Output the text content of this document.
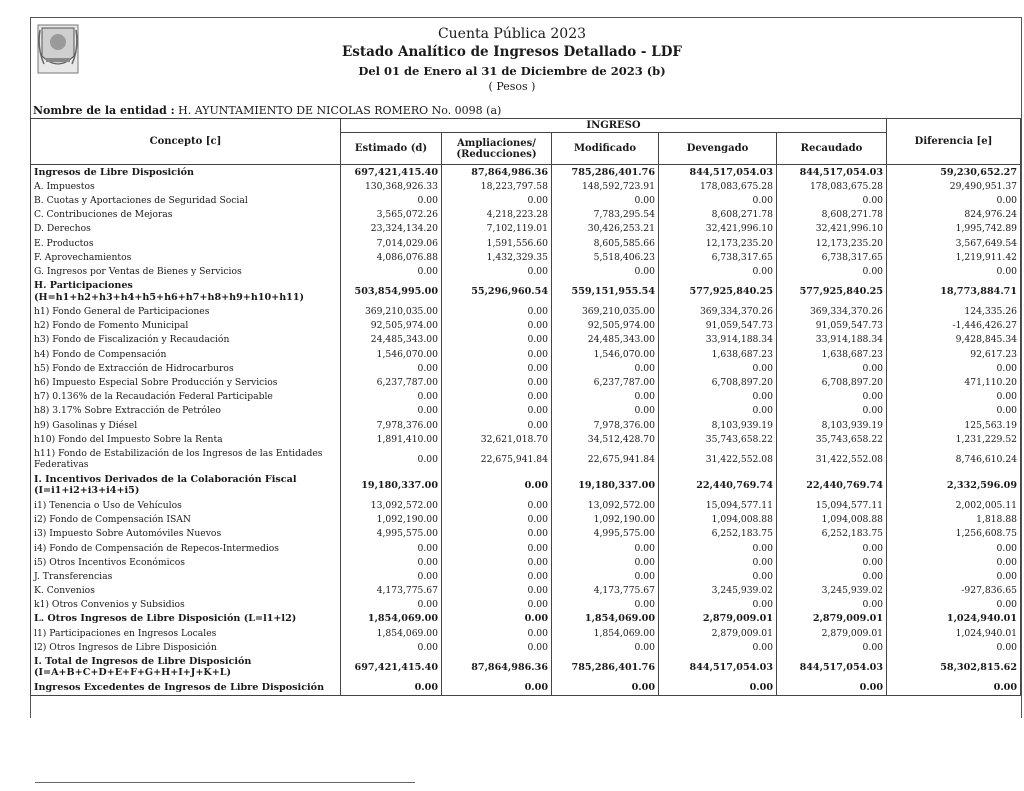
Cuenta Pública 2023
Estado Analítico de Ingresos Detallado - LDF
Del 01 de Enero al 31 de Diciembre de 2023 (b)
( Pesos )
Nombre de la entidad : H. AYUNTAMIENTO DE NICOLAS ROMERO No. 0098 (a)
Concepto [c]	INGRESO					Diferencia [e]
	Estimado (d)	Ampliaciones/ (Reducciones)	Modificado	Devengado	Recaudado	
Ingresos de Libre Disposición	697,421,415.40	87,864,986.36	785,286,401.76	844,517,054.03	844,517,054.03	59,230,652.27
A. Impuestos	130,368,926.33	18,223,797.58	148,592,723.91	178,083,675.28	178,083,675.28	29,490,951.37
B. Cuotas y Aportaciones de Seguridad Social	0.00	0.00	0.00	0.00	0.00	0.00
C. Contribuciones de Mejoras	3,565,072.26	4,218,223.28	7,783,295.54	8,608,271.78	8,608,271.78	824,976.24
D. Derechos	23,324,134.20	7,102,119.01	30,426,253.21	32,421,996.10	32,421,996.10	1,995,742.89
E. Productos	7,014,029.06	1,591,556.60	8,605,585.66	12,173,235.20	12,173,235.20	3,567,649.54
F. Aprovechamientos	4,086,076.88	1,432,329.35	5,518,406.23	6,738,317.65	6,738,317.65	1,219,911.42
G. Ingresos por Ventas de Bienes y Servicios	0.00	0.00	0.00	0.00	0.00	0.00
H. Participaciones (H=h1+h2+h3+h4+h5+h6+h7+h8+h9+h10+h11)	503,854,995.00	55,296,960.54	559,151,955.54	577,925,840.25	577,925,840.25	18,773,884.71
h1) Fondo General de Participaciones	369,210,035.00	0.00	369,210,035.00	369,334,370.26	369,334,370.26	124,335.26
h2) Fondo de Fomento Municipal	92,505,974.00	0.00	92,505,974.00	91,059,547.73	91,059,547.73	-1,446,426.27
h3) Fondo de Fiscalización y Recaudación	24,485,343.00	0.00	24,485,343.00	33,914,188.34	33,914,188.34	9,428,845.34
h4) Fondo de Compensación	1,546,070.00	0.00	1,546,070.00	1,638,687.23	1,638,687.23	92,617.23
h5) Fondo de Extracción de Hidrocarburos	0.00	0.00	0.00	0.00	0.00	0.00
h6) Impuesto Especial Sobre Producción y Servicios	6,237,787.00	0.00	6,237,787.00	6,708,897.20	6,708,897.20	471,110.20
h7) 0.136% de la Recaudación Federal Participable	0.00	0.00	0.00	0.00	0.00	0.00
h8) 3.17% Sobre Extracción de Petróleo	0.00	0.00	0.00	0.00	0.00	0.00
h9) Gasolinas y Diésel	7,978,376.00	0.00	7,978,376.00	8,103,939.19	8,103,939.19	125,563.19
h10) Fondo del Impuesto Sobre la Renta	1,891,410.00	32,621,018.70	34,512,428.70	35,743,658.22	35,743,658.22	1,231,229.52
h11) Fondo de Estabilización de los Ingresos de las Entidades Federativas	0.00	22,675,941.84	22,675,941.84	31,422,552.08	31,422,552.08	8,746,610.24
I. Incentivos Derivados de la Colaboración Fiscal (I=i1+i2+i3+i4+i5)	19,180,337.00	0.00	19,180,337.00	22,440,769.74	22,440,769.74	2,332,596.09
i1) Tenencia o Uso de Vehículos	13,092,572.00	0.00	13,092,572.00	15,094,577.11	15,094,577.11	2,002,005.11
i2) Fondo de Compensación ISAN	1,092,190.00	0.00	1,092,190.00	1,094,008.88	1,094,008.88	1,818.88
i3) Impuesto Sobre Automóviles Nuevos	4,995,575.00	0.00	4,995,575.00	6,252,183.75	6,252,183.75	1,256,608.75
i4) Fondo de Compensación de Repecos-Intermedios	0.00	0.00	0.00	0.00	0.00	0.00
i5) Otros Incentivos Económicos	0.00	0.00	0.00	0.00	0.00	0.00
J. Transferencias	0.00	0.00	0.00	0.00	0.00	0.00
K. Convenios	4,173,775.67	0.00	4,173,775.67	3,245,939.02	3,245,939.02	-927,836.65
k1) Otros Convenios y Subsidios	0.00	0.00	0.00	0.00	0.00	0.00
L. Otros Ingresos de Libre Disposición (L=l1+l2)	1,854,069.00	0.00	1,854,069.00	2,879,009.01	2,879,009.01	1,024,940.01
l1) Participaciones en Ingresos Locales	1,854,069.00	0.00	1,854,069.00	2,879,009.01	2,879,009.01	1,024,940.01
l2) Otros Ingresos de Libre Disposición	0.00	0.00	0.00	0.00	0.00	0.00
I. Total de Ingresos de Libre Disposición (I=A+B+C+D+E+F+G+H+I+J+K+L)	697,421,415.40	87,864,986.36	785,286,401.76	844,517,054.03	844,517,054.03	58,302,815.62
Ingresos Excedentes de Ingresos de Libre Disposición	0.00	0.00	0.00	0.00	0.00	0.00
